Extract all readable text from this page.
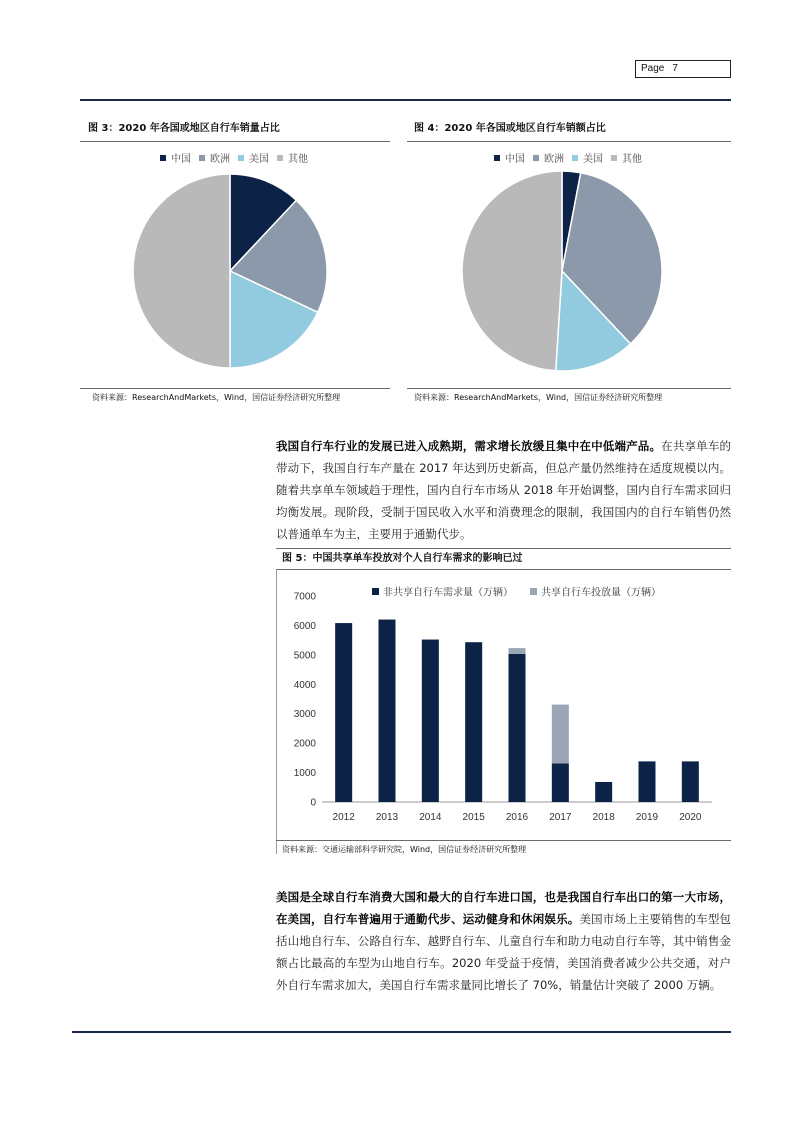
Page 7
图 3：2020 年各国或地区自行车销量占比
中国 欧洲 美国 其他
资料来源：ResearchAndMarkets，Wind，国信证券经济研究所整理
图 4：2020 年各国或地区自行车销额占比
中国 欧洲 美国 其他
资料来源：ResearchAndMarkets，Wind，国信证券经济研究所整理
我国自行车行业的发展已进入成熟期，需求增长放缓且集中在中低端产品。在共享单车的带动下，我国自行车产量在 2017 年达到历史新高，但总产量仍然维持在适度规模以内。随着共享单车领域趋于理性，国内自行车市场从 2018 年开始调整，国内自行车需求回归均衡发展。现阶段，受制于国民收入水平和消费理念的限制，我国国内的自行车销售仍然以普通单车为主，主要用于通勤代步。
图 5：中国共享单车投放对个人自行车需求的影响已过
非共享自行车需求量（万辆）	共享自行车投放量（万辆）
0
1000
2000
3000
4000
5000
6000
7000
2012 2013 2014 2015 2016 2017 2018 2019 2020
资料来源：交通运输部科学研究院，Wind，国信证券经济研究所整理
美国是全球自行车消费大国和最大的自行车进口国，也是我国自行车出口的第一大市场，在美国，自行车普遍用于通勤代步、运动健身和休闲娱乐。美国市场上主要销售的车型包括山地自行车、公路自行车、越野自行车、儿童自行车和助力电动自行车等，其中销售金额占比最高的车型为山地自行车。2020 年受益于疫情，美国消费者减少公共交通，对户外自行车需求加大，美国自行车需求量同比增长了 70%，销量估计突破了 2000 万辆。
